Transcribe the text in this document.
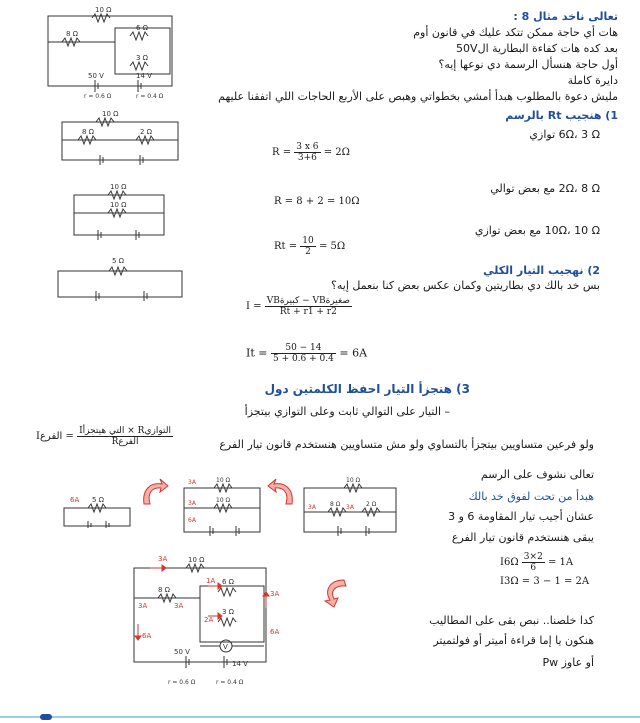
تعالى ناخد مثال 8 :
هات أي حاجة ممكن تتكد عليك في قانون أوم
بعد كده هات كفاءة البطارية ال50V
أول حاجة هنسأل الرسمة دي نوعها إيه؟
دايرة كاملة
مليش دعوة بالمطلوب هبدأ أمشي بخطواتي وهبص على الأربع الحاجات اللي اتفقنا عليهم
10 Ω
8 Ω
6 Ω
3 Ω
50 V	14 V
r = 0.6 Ω	r = 0.4 Ω
1) هنجيب Rt بالرسم
6Ω، 3 Ω توازي
$R = \frac{3 x 6}{3+6} = 2\Omega$
2Ω، 8 Ω مع بعض توالي
R = 8 + 2 = 10Ω
10Ω، 10 Ω مع بعض توازي
$Rt = \frac{10}{2} = 5\Omega$
10 Ω
8 Ω	2 Ω
10 Ω
10 Ω
5 Ω
2) نهجيب التيار الكلي
بس خد بالك دي بطاريتين وكمان عكس بعض كنا بنعمل إيه؟
$I = \frac{\text{VBكبيرة − VBصغيرة}}{Rt + r1 + r2}$
$It = \frac{50 - 14}{5 + 0.6 + 0.4} = 6A$
3) هنجزأ التيار احفظ الكلمتين دول
– التيار على التوالي ثابت وعلى التوازي بيتجزأ
Iالفرع = $\frac{\text{Iالتي هيتجزأ × Rالتوازي}}{\text{Rالفرع}}$	ولو فرعين متساويين بيتجزأ بالتساوي ولو مش متساويين هنستخدم قانون تيار الفرع
تعالى نشوف على الرسم
هبدأ من تحت لفوق خد بالك
عشان أجيب تيار المقاومة 6 و 3
يبقى هنستخدم قانون تيار الفرع
$I6\Omega \frac{3\times 2}{6} = 1A$
I3Ω = 3 − 1 = 2A
كدا خلصنا.. نبص بقى على المطاليب
هنكون يا إما قراءة أميتر أو فولتميتر
أو عاوز Pw
6A 5 Ω
3A	10 Ω
3A	10 Ω
6A
10 Ω
3A 8 Ω 3A 2 Ω
10 Ω
3A
8 Ω
3A	3A
6A
1A 6 Ω
2A
3 Ω
3A
6A
V
50 V
14 V
r = 0.6 Ω	r = 0.4 Ω
